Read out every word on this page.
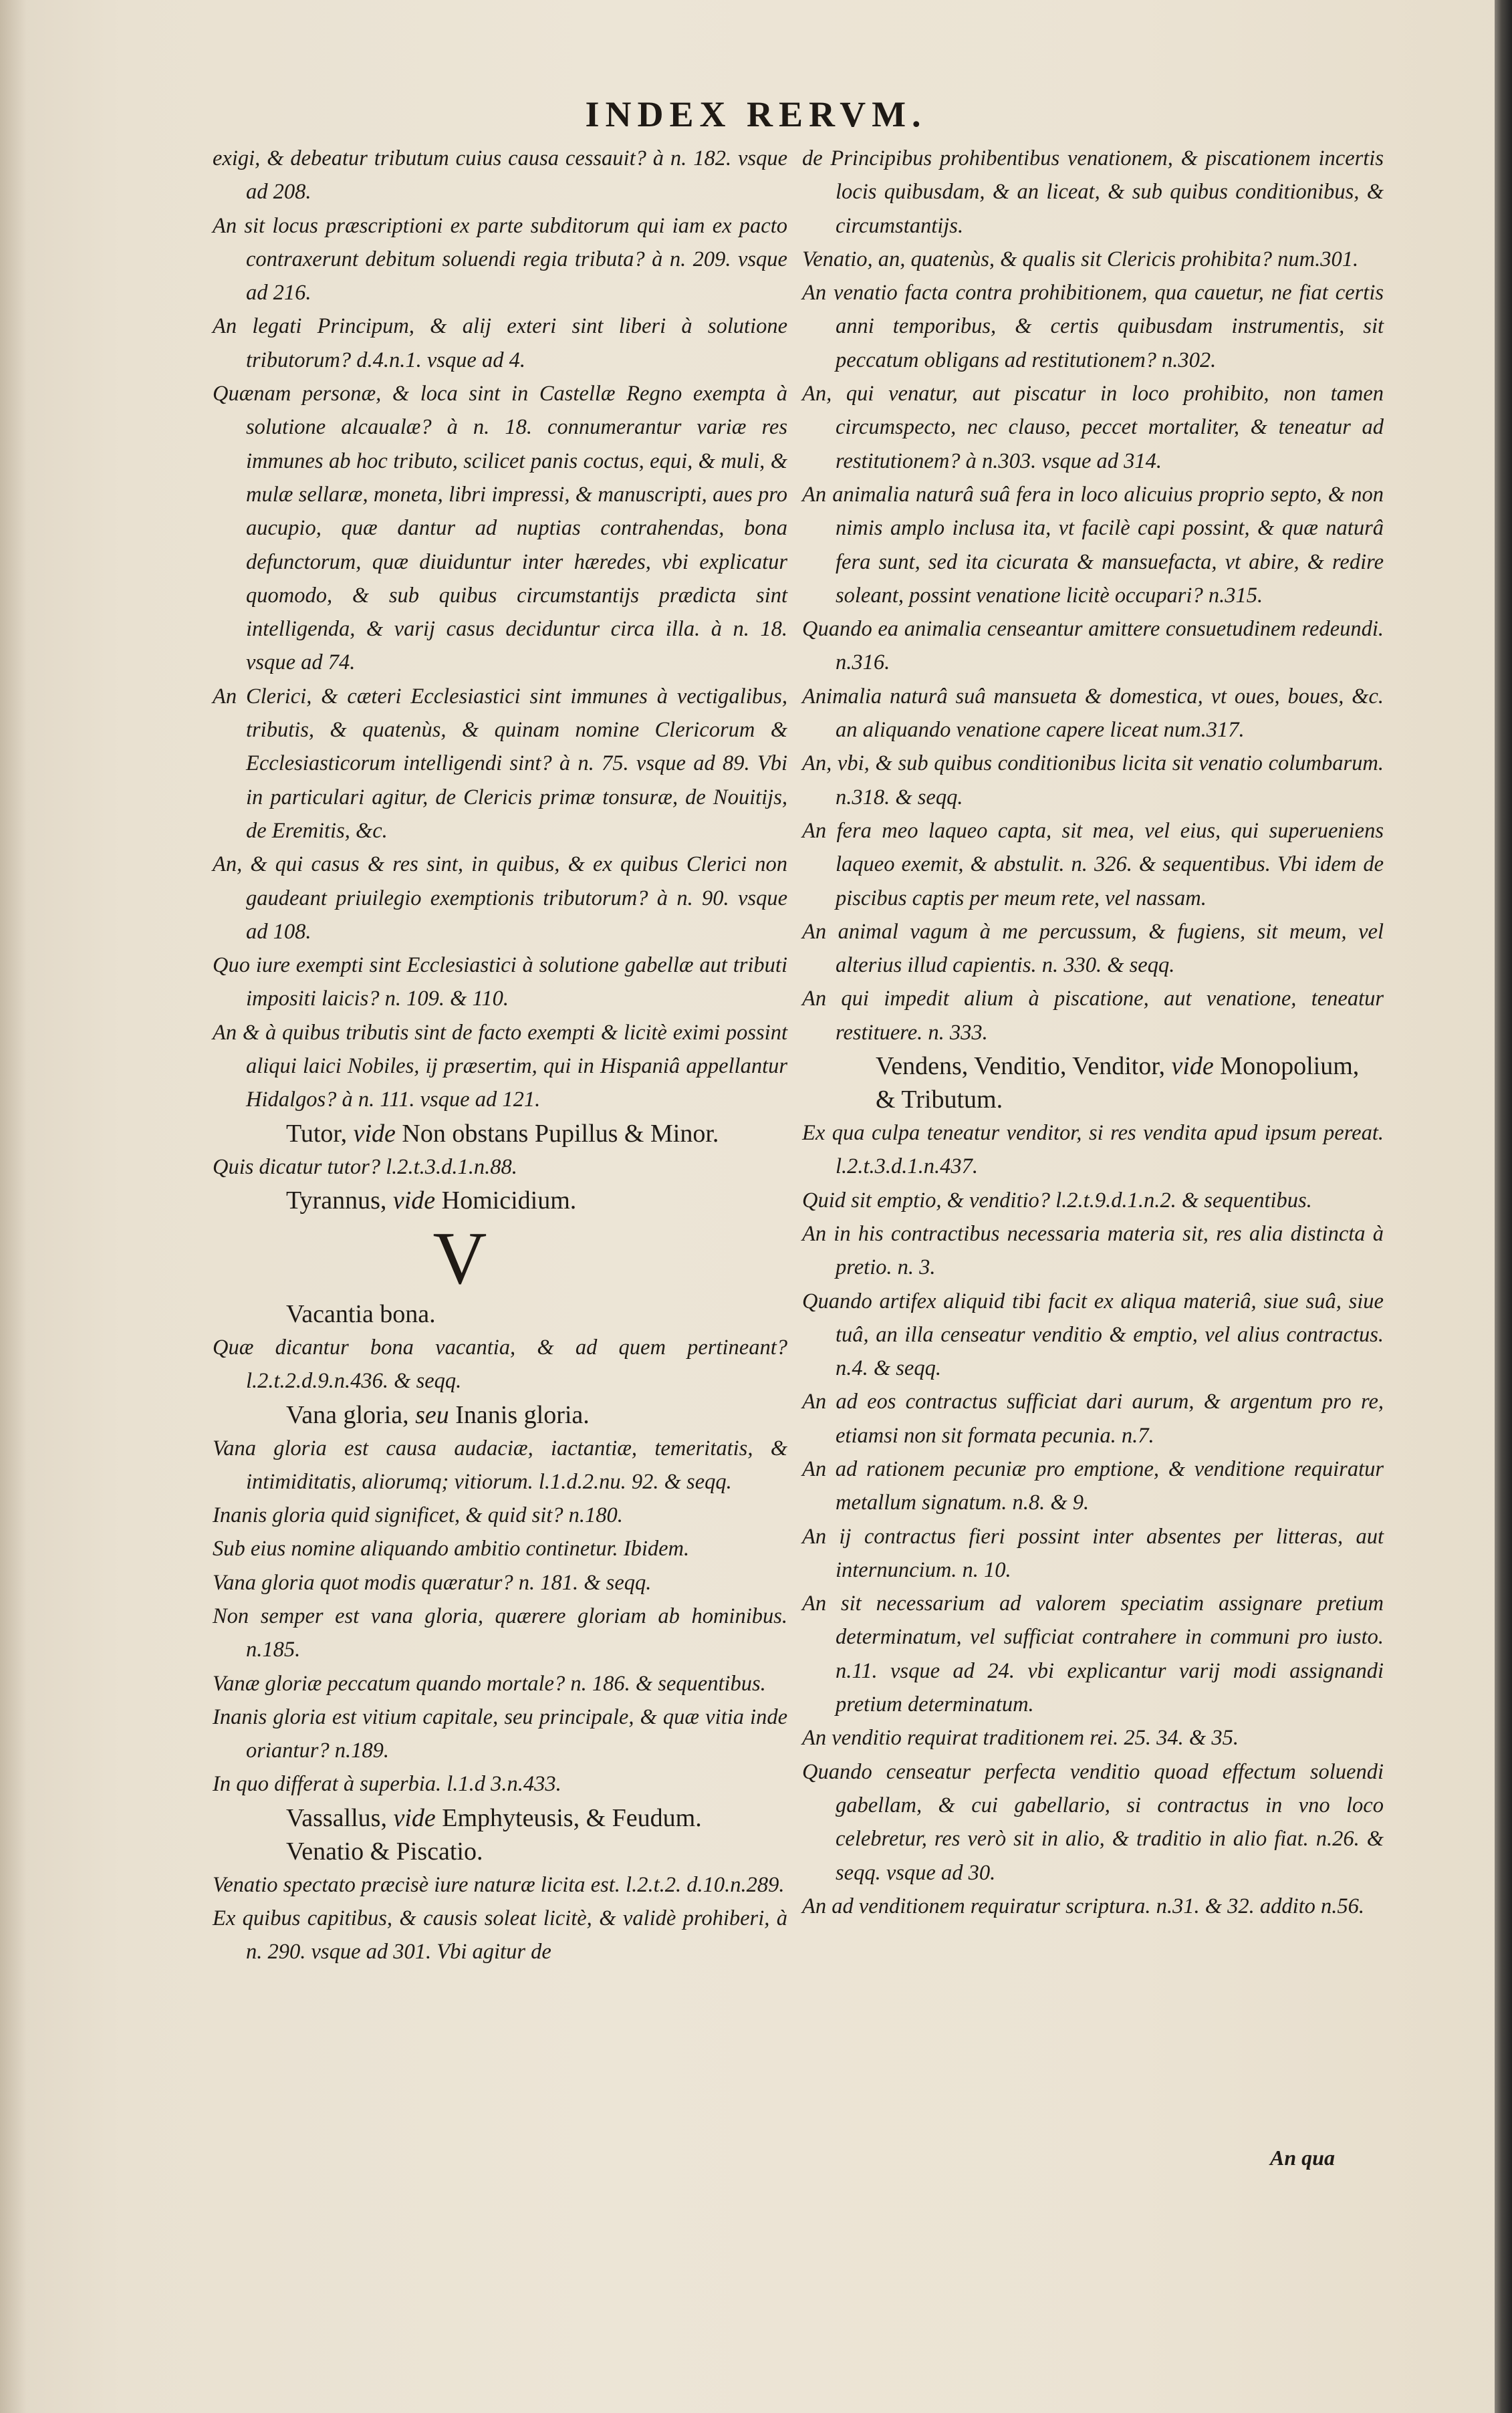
INDEX RERVM.

exigi, & debeatur tributum cuius causa cessauit? à n. 182. vsque ad 208.

An sit locus præscriptioni ex parte subditorum qui iam ex pacto contraxerunt debitum soluendi regia tributa? à n. 209. vsque ad 216.

An legati Principum, & alij exteri sint liberi à solutione tributorum? d.4.n.1. vsque ad 4.

Quænam personæ, & loca sint in Castellæ Regno exempta à solutione alcaualæ? à n. 18. connumerantur variæ res immunes ab hoc tributo, scilicet panis coctus, equi, & muli, & mulæ sellaræ, moneta, libri impressi, & manuscripti, aues pro aucupio, quæ dantur ad nuptias contrahendas, bona defunctorum, quæ diuiduntur inter hæredes, vbi explicatur quomodo, & sub quibus circumstantijs prædicta sint intelligenda, & varij casus deciduntur circa illa. à n. 18. vsque ad 74.

An Clerici, & cæteri Ecclesiastici sint immunes à vectigalibus, tributis, & quatenùs, & quinam nomine Clericorum & Ecclesiasticorum intelligendi sint? à n. 75. vsque ad 89. Vbi in particulari agitur, de Clericis primæ tonsuræ, de Nouitijs, de Eremitis, &c.

An, & qui casus & res sint, in quibus, & ex quibus Clerici non gaudeant priuilegio exemptionis tributorum? à n. 90. vsque ad 108.

Quo iure exempti sint Ecclesiastici à solutione gabellæ aut tributi impositi laicis? n. 109. & 110.

An & à quibus tributis sint de facto exempti & licitè eximi possint aliqui laici Nobiles, ij præsertim, qui in Hispaniâ appellantur Hidalgos? à n. 111. vsque ad 121.

Tutor, vide Non obstans Pupillus & Minor.

Quis dicatur tutor? l.2.t.3.d.1.n.88.

Tyrannus, vide Homicidium.

V

Vacantia bona.

Quæ dicantur bona vacantia, & ad quem pertineant? l.2.t.2.d.9.n.436. & seqq.

Vana gloria, seu Inanis gloria.

Vana gloria est causa audaciæ, iactantiæ, temeritatis, & intimiditatis, aliorumq; vitiorum. l.1.d.2.nu. 92. & seqq.

Inanis gloria quid significet, & quid sit? n.180.

Sub eius nomine aliquando ambitio continetur. Ibidem.

Vana gloria quot modis quæratur? n. 181. & seqq.

Non semper est vana gloria, quærere gloriam ab hominibus. n.185.

Vanæ gloriæ peccatum quando mortale? n. 186. & sequentibus.

Inanis gloria est vitium capitale, seu principale, & quæ vitia inde oriantur? n.189.

In quo differat à superbia. l.1.d 3.n.433.

Vassallus, vide Emphyteusis, & Feudum.

Venatio & Piscatio.

Venatio spectato præcisè iure naturæ licita est. l.2.t.2. d.10.n.289.

Ex quibus capitibus, & causis soleat licitè, & validè prohiberi, à n. 290. vsque ad 301. Vbi agitur de

de Principibus prohibentibus venationem, & piscationem incertis locis quibusdam, & an liceat, & sub quibus conditionibus, & circumstantijs.

Venatio, an, quatenùs, & qualis sit Clericis prohibita? num.301.

An venatio facta contra prohibitionem, qua cauetur, ne fiat certis anni temporibus, & certis quibusdam instrumentis, sit peccatum obligans ad restitutionem? n.302.

An, qui venatur, aut piscatur in loco prohibito, non tamen circumspecto, nec clauso, peccet mortaliter, & teneatur ad restitutionem? à n.303. vsque ad 314.

An animalia naturâ suâ fera in loco alicuius proprio septo, & non nimis amplo inclusa ita, vt facilè capi possint, & quæ naturâ fera sunt, sed ita cicurata & mansuefacta, vt abire, & redire soleant, possint venatione licitè occupari? n.315.

Quando ea animalia censeantur amittere consuetudinem redeundi. n.316.

Animalia naturâ suâ mansueta & domestica, vt oues, boues, &c. an aliquando venatione capere liceat num.317.

An, vbi, & sub quibus conditionibus licita sit venatio columbarum. n.318. & seqq.

An fera meo laqueo capta, sit mea, vel eius, qui superueniens laqueo exemit, & abstulit. n. 326. & sequentibus. Vbi idem de piscibus captis per meum rete, vel nassam.

An animal vagum à me percussum, & fugiens, sit meum, vel alterius illud capientis. n. 330. & seqq.

An qui impedit alium à piscatione, aut venatione, teneatur restituere. n. 333.

Vendens, Venditio, Venditor, vide Monopolium, & Tributum.

Ex qua culpa teneatur venditor, si res vendita apud ipsum pereat. l.2.t.3.d.1.n.437.

Quid sit emptio, & venditio? l.2.t.9.d.1.n.2. & sequentibus.

An in his contractibus necessaria materia sit, res alia distincta à pretio. n. 3.

Quando artifex aliquid tibi facit ex aliqua materiâ, siue suâ, siue tuâ, an illa censeatur venditio & emptio, vel alius contractus. n.4. & seqq.

An ad eos contractus sufficiat dari aurum, & argentum pro re, etiamsi non sit formata pecunia. n.7.

An ad rationem pecuniæ pro emptione, & venditione requiratur metallum signatum. n.8. & 9.

An ij contractus fieri possint inter absentes per litteras, aut internuncium. n. 10.

An sit necessarium ad valorem speciatim assignare pretium determinatum, vel sufficiat contrahere in communi pro iusto. n.11. vsque ad 24. vbi explicantur varij modi assignandi pretium determinatum.

An venditio requirat traditionem rei. 25. 34. & 35.

Quando censeatur perfecta venditio quoad effectum soluendi gabellam, & cui gabellario, si contractus in vno loco celebretur, res verò sit in alio, & traditio in alio fiat. n.26. & seqq. vsque ad 30.

An ad venditionem requiratur scriptura. n.31. & 32. addito n.56.

An qua
